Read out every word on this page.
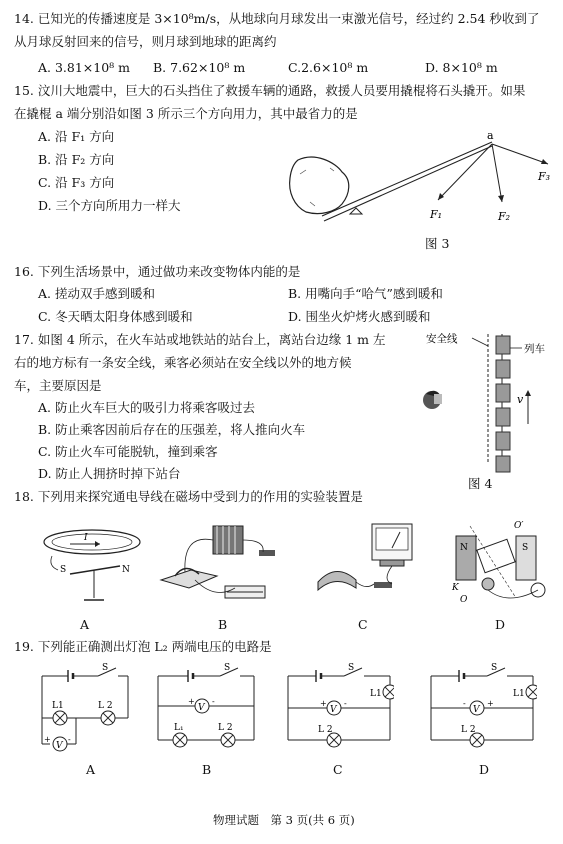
14. 已知光的传播速度是 3×10⁸m/s，从地球向月球发出一束激光信号，经过约 2.54 秒收到了
从月球反射回来的信号，则月球到地球的距离约
A. 3.81×10⁸ m B. 7.62×10⁸ m	C.2.6×10⁸ m	D. 8×10⁸ m
15. 汶川大地震中，巨大的石头挡住了救援车辆的通路，救援人员要用撬棍将石头撬开。如果
在撬棍 a 端分别沿如图 3 所示三个方向用力，其中最省力的是
A. 沿 F₁ 方向
B. 沿 F₂ 方向
C. 沿 F₃ 方向
D. 三个方向所用力一样大
a
F₁	F₂
F₃
图 3
16. 下列生活场景中，通过做功来改变物体内能的是
A. 搓动双手感到暖和	B. 用嘴向手“哈气”感到暖和
C. 冬天晒太阳身体感到暖和	D. 围坐火炉烤火感到暖和
17. 如图 4 所示，在火车站或地铁站的站台上，离站台边缘 1 m 左
右的地方标有一条安全线，乘客必须站在安全线以外的地方候
车，主要原因是
A. 防止火车巨大的吸引力将乘客吸过去
B. 防止乘客因前后存在的压强差，将人推向火车
C. 防止火车可能脱轨，撞到乘客
D. 防止人拥挤时掉下站台
安全线
列车
v
图 4
18. 下列用来探究通电导线在磁场中受到力的作用的实验装置是
I
S	N
N	S
O′
O
K
A	B	C	D
19. 下列能正确测出灯泡 L₂ 两端电压的电路是
S
L1	L 2
V
+ -
S
V
+ -
L₁	L 2
S
L1
V
+ -
L 2
S
L1
V
-	+
L 2
A	B	C	D
物理试题　第 3 页(共 6 页)
